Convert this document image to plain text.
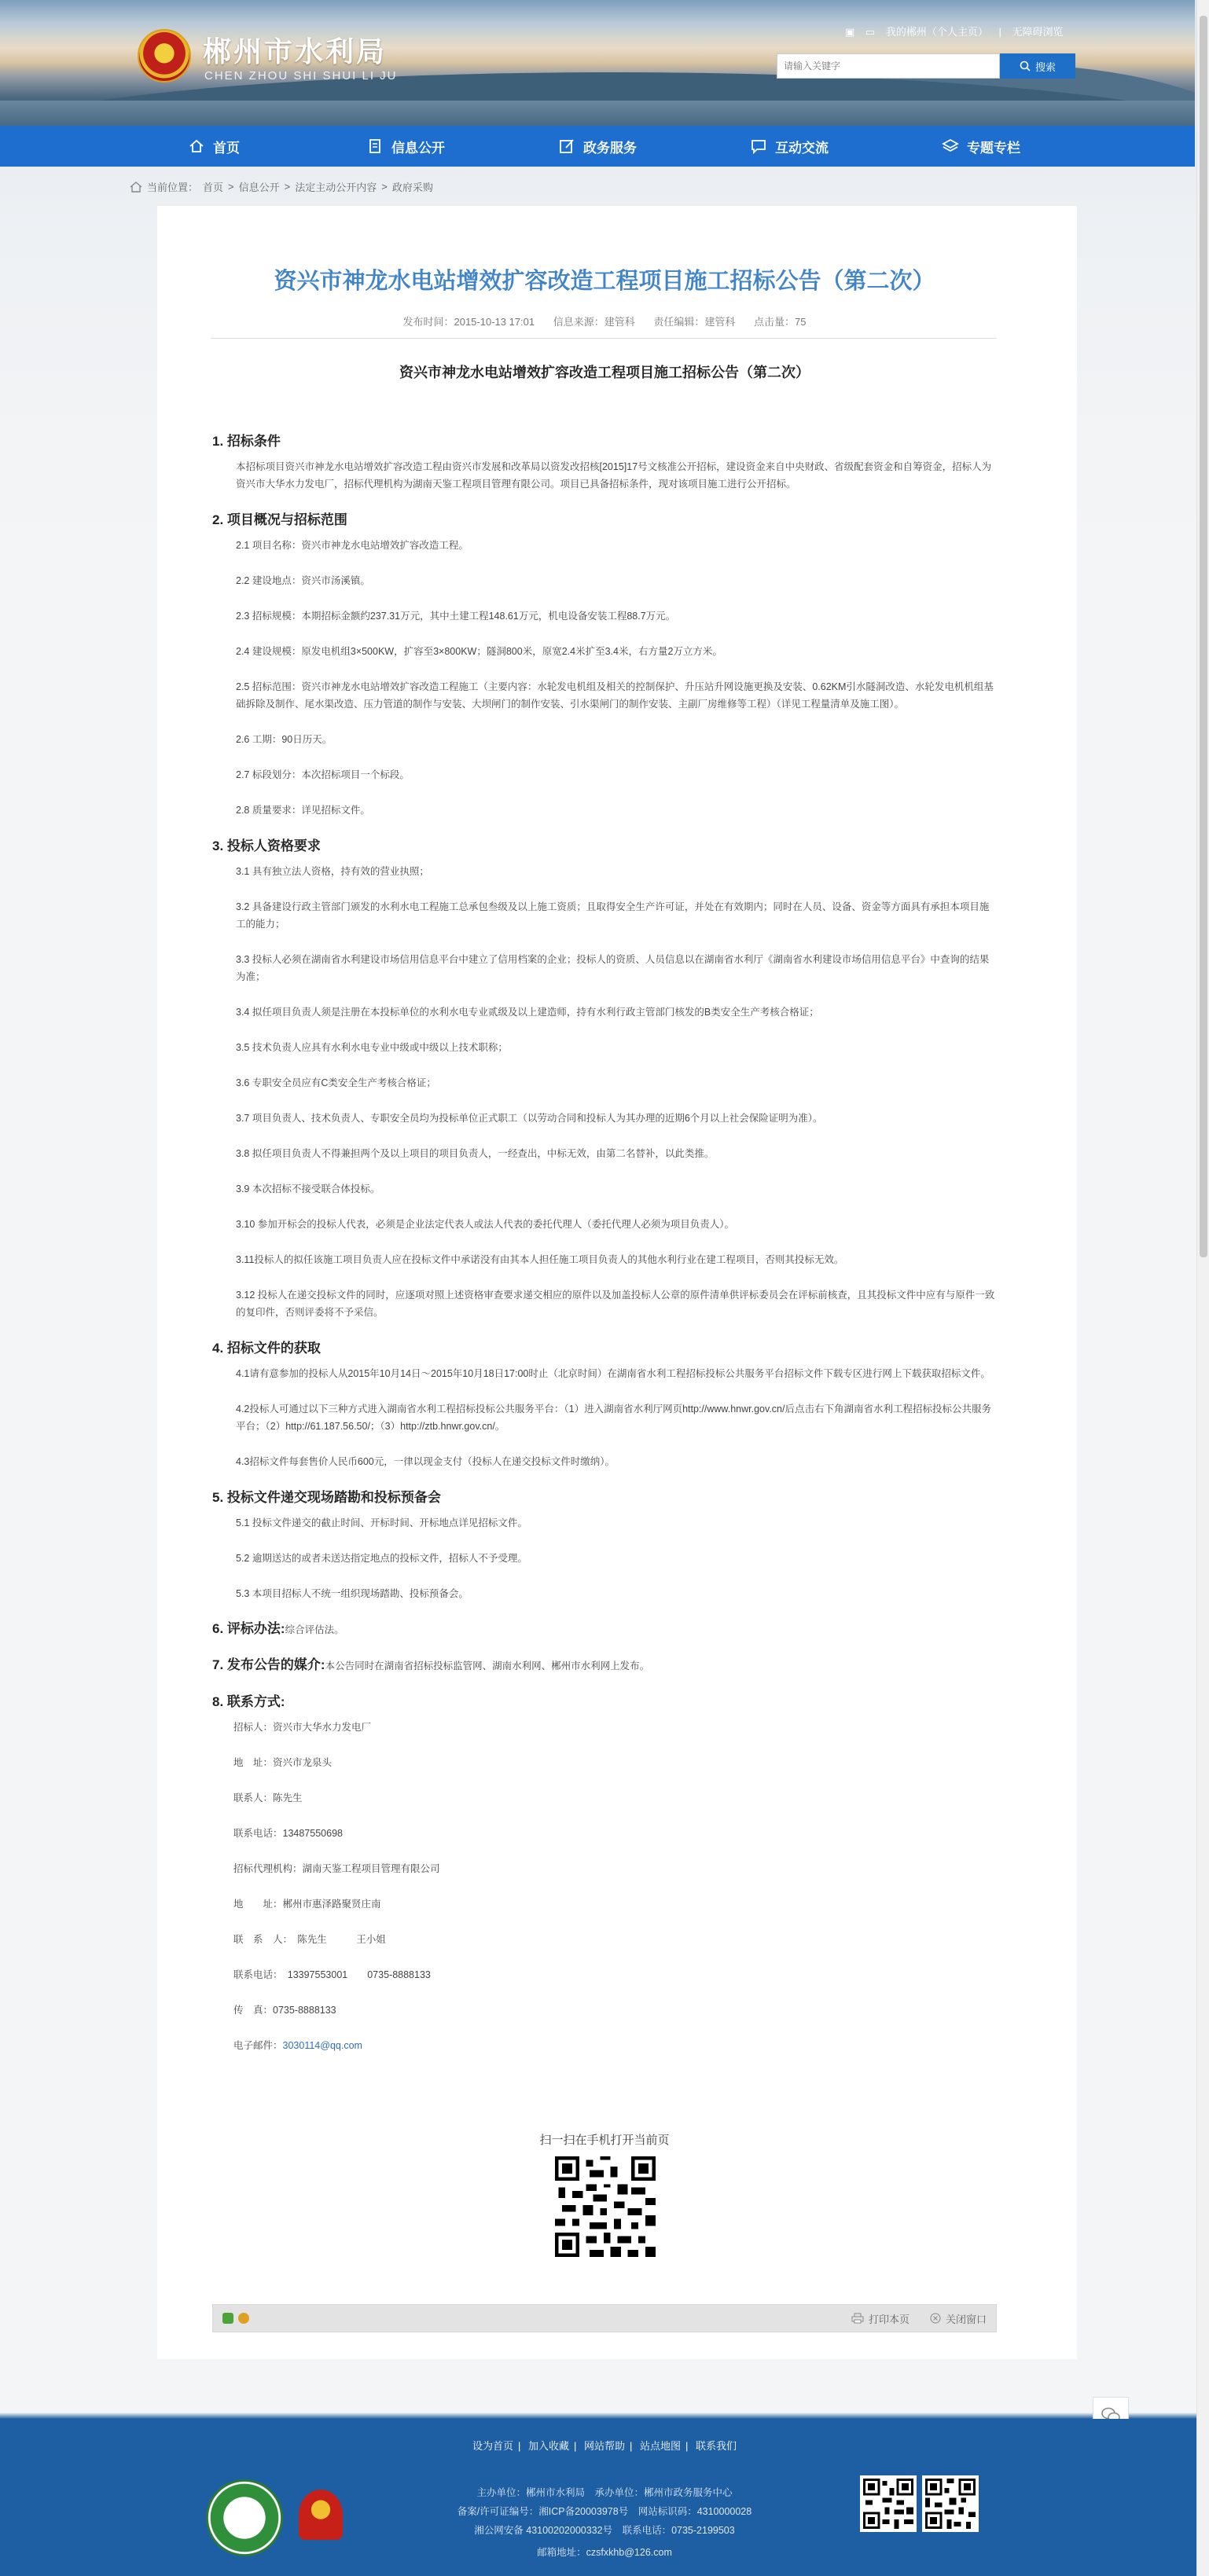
郴州市水利局
CHEN ZHOU SHI SHUI LI JU
▣ ▭ 我的郴州（个人主页） | 无障碍浏览
请输入关键字
搜索
首页	信息公开	政务服务	互动交流	专题专栏
当前位置： 首页 > 信息公开 > 法定主动公开内容 > 政府采购
资兴市神龙水电站增效扩容改造工程项目施工招标公告（第二次）
发布时间：2015-10-13 17:01 信息来源：建管科 责任编辑：建管科 点击量：75
资兴市神龙水电站增效扩容改造工程项目施工招标公告（第二次）
1. 招标条件

本招标项目资兴市神龙水电站增效扩容改造工程由资兴市发展和改革局以资发改招核[2015]17号文核准公开招标，建设资金来自中央财政、省级配套资金和自筹资金，招标人为资兴市大华水力发电厂，招标代理机构为湖南天鉴工程项目管理有限公司。项目已具备招标条件，现对该项目施工进行公开招标。

2. 项目概况与招标范围

2.1 项目名称：资兴市神龙水电站增效扩容改造工程。

2.2 建设地点：资兴市汤溪镇。

2.3 招标规模：本期招标金额约237.31万元，其中土建工程148.61万元，机电设备安装工程88.7万元。

2.4 建设规模：原发电机组3×500KW，扩容至3×800KW；隧洞800米，原宽2.4米扩至3.4米，右方量2万立方米。

2.5 招标范围：资兴市神龙水电站增效扩容改造工程施工（主要内容：水轮发电机组及相关的控制保护、升压站升网设施更换及安装、0.62KM引水隧洞改造、水轮发电机机组基础拆除及制作、尾水渠改造、压力管道的制作与安装、大坝闸门的制作安装、引水渠闸门的制作安装、主副厂房维修等工程）（详见工程量清单及施工图）。

2.6 工期：90日历天。

2.7 标段划分：本次招标项目一个标段。

2.8 质量要求：详见招标文件。

3. 投标人资格要求

3.1 具有独立法人资格，持有效的营业执照；

3.2 具备建设行政主管部门颁发的水利水电工程施工总承包叁级及以上施工资质；且取得安全生产许可证，并处在有效期内；同时在人员、设备、资金等方面具有承担本项目施工的能力；

3.3 投标人必须在湖南省水利建设市场信用信息平台中建立了信用档案的企业；投标人的资质、人员信息以在湖南省水利厅《湖南省水利建设市场信用信息平台》中查询的结果为准；

3.4 拟任项目负责人须是注册在本投标单位的水利水电专业贰级及以上建造师，持有水利行政主管部门核发的B类安全生产考核合格证；

3.5 技术负责人应具有水利水电专业中级或中级以上技术职称；

3.6 专职安全员应有C类安全生产考核合格证；

3.7 项目负责人、技术负责人、专职安全员均为投标单位正式职工（以劳动合同和投标人为其办理的近期6个月以上社会保险证明为准）。

3.8 拟任项目负责人不得兼担两个及以上项目的项目负责人，一经查出，中标无效，由第二名替补，以此类推。

3.9 本次招标不接受联合体投标。

3.10 参加开标会的投标人代表，必须是企业法定代表人或法人代表的委托代理人（委托代理人必须为项目负责人）。

3.11投标人的拟任该施工项目负责人应在投标文件中承诺没有由其本人担任施工项目负责人的其他水利行业在建工程项目，否则其投标无效。

3.12 投标人在递交投标文件的同时，应逐项对照上述资格审查要求递交相应的原件以及加盖投标人公章的原件清单供评标委员会在评标前核查，且其投标文件中应有与原件一致的复印件，否则评委将不予采信。

4. 招标文件的获取

4.1请有意参加的投标人从2015年10月14日～2015年10月18日17:00时止（北京时间）在湖南省水利工程招标投标公共服务平台招标文件下载专区进行网上下载获取招标文件。

4.2投标人可通过以下三种方式进入湖南省水利工程招标投标公共服务平台：（1）进入湖南省水利厅网页http://www.hnwr.gov.cn/后点击右下角湖南省水利工程招标投标公共服务平台；（2）http://61.187.56.50/；（3）http://ztb.hnwr.gov.cn/。

4.3招标文件每套售价人民币600元，一律以现金支付（投标人在递交投标文件时缴纳）。

5. 投标文件递交现场踏勘和投标预备会

5.1 投标文件递交的截止时间、开标时间、开标地点详见招标文件。

5.2 逾期送达的或者未送达指定地点的投标文件，招标人不予受理。

5.3 本项目招标人不统一组织现场踏勘、投标预备会。

6. 评标办法:综合评估法。

7. 发布公告的媒介:本公告同时在湖南省招标投标监管网、湖南水利网、郴州市水利网上发布。

8. 联系方式:

招标人：资兴市大华水力发电厂

地　址：资兴市龙泉头

联系人：陈先生

联系电话：13487550698

招标代理机构：湖南天鉴工程项目管理有限公司

地　　址：郴州市惠泽路聚贤庄南

联　系　人：　陈先生　　　王小姐

联系电话：　13397553001　　0735-8888133

传　真：0735-8888133

电子邮件：3030114@qq.com

扫一扫在手机打开当前页
打印本页	关闭窗口
设为首页 | 加入收藏 | 网站帮助 | 站点地图 | 联系我们
主办单位：郴州市水利局　承办单位：郴州市政务服务中心
备案/许可证编号：湘ICP备20003978号　网站标识码：4310000028
湘公网安备 43100202000332号　联系电话：0735-2199503
邮箱地址：czsfxkhb@126.com
